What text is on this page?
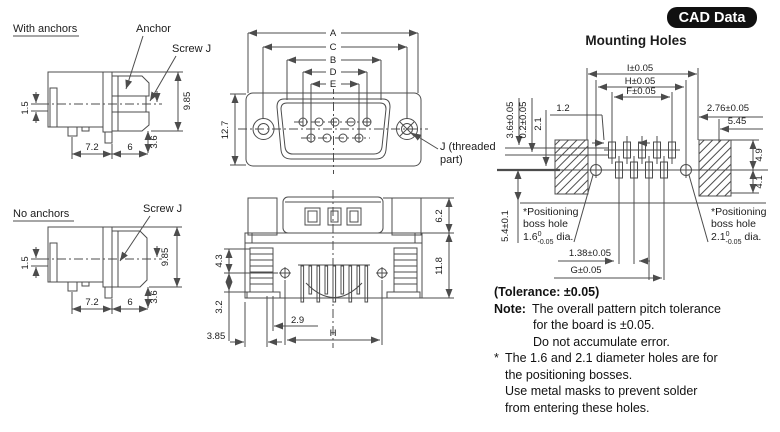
With anchors	Anchor
Screw J
1.5
7.2	6 3.6
9.85
No anchors	Screw J
1.5
7.2	6 3.6
9.85
A
C
B
D
E
12.7
J (threaded
part)
6.2
11.8
4.3
3.2
3.85
2.9
H
Mounting Holes
I±0.05
H±0.05
F±0.05
3.6±0.05 0.2±0.05 2.1
1.2	2.76±0.05
5.45
4.9
4.1
5.4±0.1 *Positioning
boss hole
$1.6^0$ -0.05 dia.
*Positioning
boss hole
$2.1^0$ -0.05 dia.
1.38±0.05
G±0.05
CAD Data
(Tolerance: ±0.05)
Note: The overall pattern pitch tolerance
for the board is ±0.05.
Do not accumulate error.
* The 1.6 and 2.1 diameter holes are for
the positioning bosses.
Use metal masks to prevent solder
from entering these holes.
